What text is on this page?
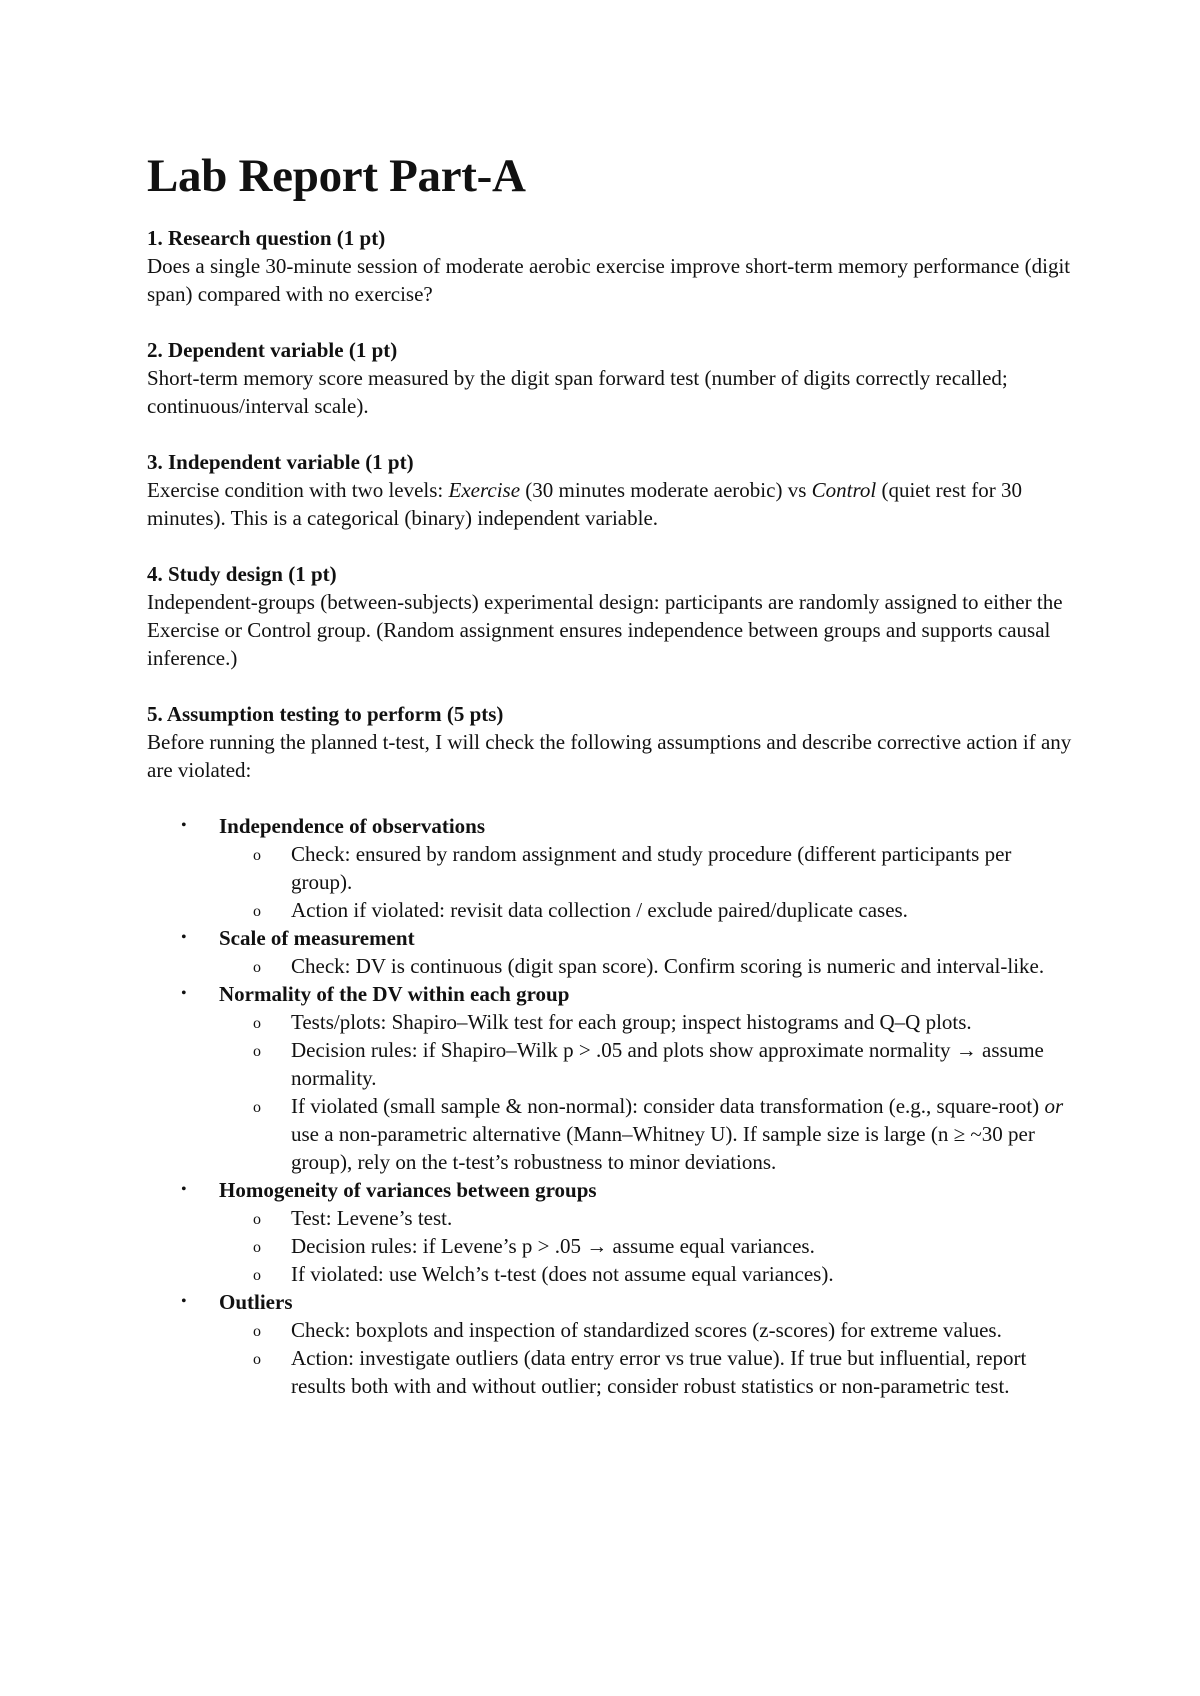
Lab Report Part-A
1. Research question (1 pt)

Does a single 30-minute session of moderate aerobic exercise improve short-term memory performance (digit span) compared with no exercise?

2. Dependent variable (1 pt)

Short-term memory score measured by the digit span forward test (number of digits correctly recalled; continuous/interval scale).

3. Independent variable (1 pt)

Exercise condition with two levels: Exercise (30 minutes moderate aerobic) vs Control (quiet rest for 30 minutes). This is a categorical (binary) independent variable.

4. Study design (1 pt)

Independent-groups (between-subjects) experimental design: participants are randomly assigned to either the Exercise or Control group. (Random assignment ensures independence between groups and supports causal inference.)

5. Assumption testing to perform (5 pts)

Before running the planned t-test, I will check the following assumptions and describe corrective action if any are violated:

• Independence of observations
o Check: ensured by random assignment and study procedure (different participants per group).
o Action if violated: revisit data collection / exclude paired/duplicate cases.
• Scale of measurement
o Check: DV is continuous (digit span score). Confirm scoring is numeric and interval-like.
• Normality of the DV within each group
o Tests/plots: Shapiro–Wilk test for each group; inspect histograms and Q–Q plots.
o Decision rules: if Shapiro–Wilk p > .05 and plots show approximate normality → assume normality.
o If violated (small sample & non-normal): consider data transformation (e.g., square-root) or use a non-parametric alternative (Mann–Whitney U). If sample size is large (n ≥ ~30 per group), rely on the t-test’s robustness to minor deviations.
• Homogeneity of variances between groups
o Test: Levene’s test.
o Decision rules: if Levene’s p > .05 → assume equal variances.
o If violated: use Welch’s t-test (does not assume equal variances).
• Outliers
o Check: boxplots and inspection of standardized scores (z-scores) for extreme values.
o Action: investigate outliers (data entry error vs true value). If true but influential, report results both with and without outlier; consider robust statistics or non-parametric test.
